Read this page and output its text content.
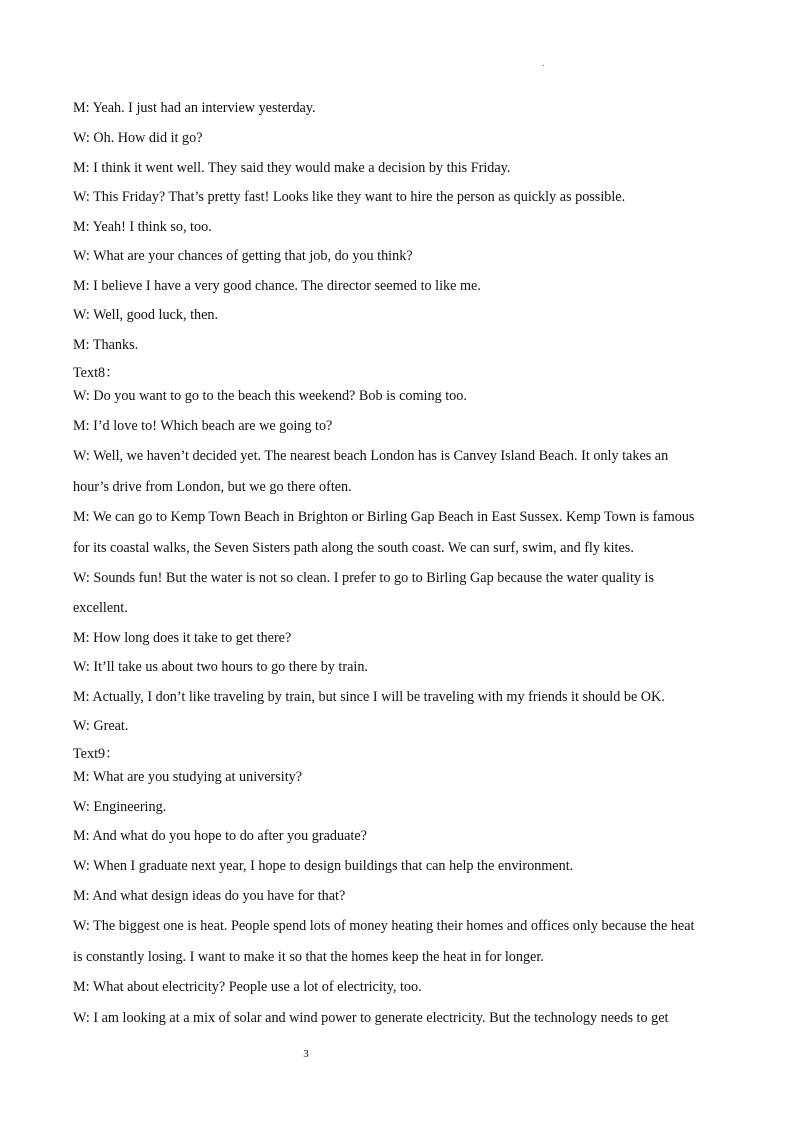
.
M: Yeah. I just had an interview yesterday.
W: Oh. How did it go?
M: I think it went well. They said they would make a decision by this Friday.
W: This Friday? That’s pretty fast! Looks like they want to hire the person as quickly as possible.
M: Yeah! I think so, too.
W: What are your chances of getting that job, do you think?
M: I believe I have a very good chance. The director seemed to like me.
W: Well, good luck, then.
M: Thanks.
Text8：
W: Do you want to go to the beach this weekend? Bob is coming too.
M: I’d love to! Which beach are we going to?
W: Well, we haven’t decided yet. The nearest beach London has is Canvey Island Beach. It only takes an
hour’s drive from London, but we go there often.
M: We can go to Kemp Town Beach in Brighton or Birling Gap Beach in East Sussex. Kemp Town is famous
for its coastal walks, the Seven Sisters path along the south coast. We can surf, swim, and fly kites.
W: Sounds fun! But the water is not so clean. I prefer to go to Birling Gap because the water quality is
excellent.
M: How long does it take to get there?
W: It’ll take us about two hours to go there by train.
M: Actually, I don’t like traveling by train, but since I will be traveling with my friends it should be OK.
W: Great.
Text9：
M: What are you studying at university?
W: Engineering.
M: And what do you hope to do after you graduate?
W: When I graduate next year, I hope to design buildings that can help the environment.
M: And what design ideas do you have for that?
W: The biggest one is heat. People spend lots of money heating their homes and offices only because the heat
is constantly losing. I want to make it so that the homes keep the heat in for longer.
M: What about electricity? People use a lot of electricity, too.
W: I am looking at a mix of solar and wind power to generate electricity. But the technology needs to get
3
